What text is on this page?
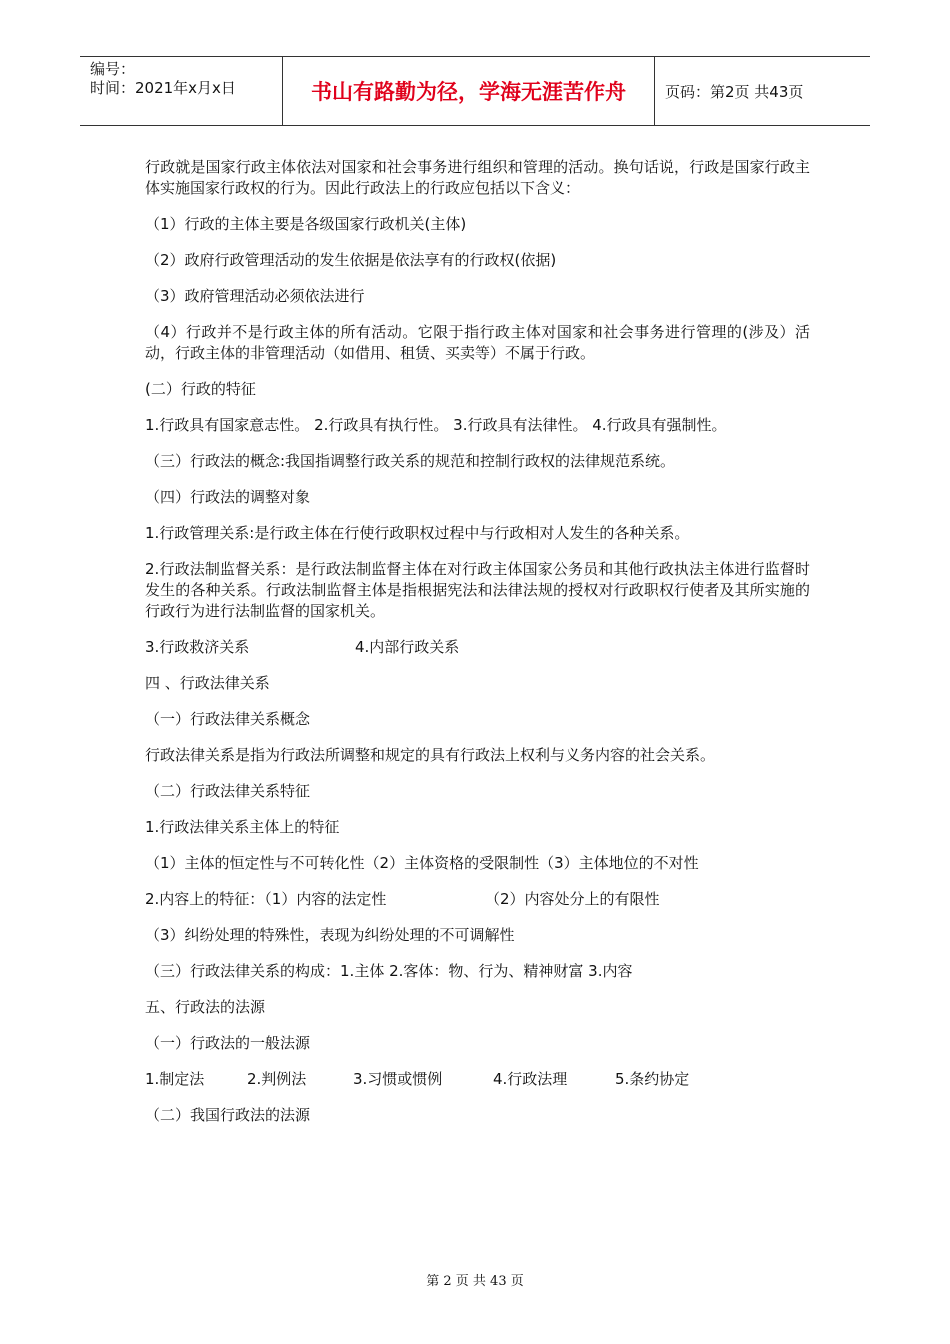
编号：
时间：2021年x月x日	书山有路勤为径，学海无涯苦作舟	页码：第2页 共43页

行政就是国家行政主体依法对国家和社会事务进行组织和管理的活动。换句话说，行政是国家行政主体实施国家行政权的行为。因此行政法上的行政应包括以下含义：

（1）行政的主体主要是各级国家行政机关(主体)

（2）政府行政管理活动的发生依据是依法享有的行政权(依据)

（3）政府管理活动必须依法进行

（4）行政并不是行政主体的所有活动。它限于指行政主体对国家和社会事务进行管理的(涉及）活动，行政主体的非管理活动（如借用、租赁、买卖等）不属于行政。

(二）行政的特征

1.行政具有国家意志性。 2.行政具有执行性。 3.行政具有法律性。 4.行政具有强制性。

（三）行政法的概念:我国指调整行政关系的规范和控制行政权的法律规范系统。

（四）行政法的调整对象

1.行政管理关系:是行政主体在行使行政职权过程中与行政相对人发生的各种关系。

2.行政法制监督关系：是行政法制监督主体在对行政主体国家公务员和其他行政执法主体进行监督时发生的各种关系。行政法制监督主体是指根据宪法和法律法规的授权对行政职权行使者及其所实施的行政行为进行法制监督的国家机关。

3.行政救济关系	4.内部行政关系

四 、行政法律关系

（一）行政法律关系概念

行政法律关系是指为行政法所调整和规定的具有行政法上权利与义务内容的社会关系。

（二）行政法律关系特征

1.行政法律关系主体上的特征

（1）主体的恒定性与不可转化性（2）主体资格的受限制性（3）主体地位的不对性

2.内容上的特征：（1）内容的法定性	（2）内容处分上的有限性

（3）纠纷处理的特殊性，表现为纠纷处理的不可调解性

（三）行政法律关系的构成：1.主体 2.客体：物、行为、精神财富 3.内容

五、行政法的法源

（一）行政法的一般法源

1.制定法	2.判例法	3.习惯或惯例	4.行政法理	5.条约协定

（二）我国行政法的法源

第 2 页 共 43 页
